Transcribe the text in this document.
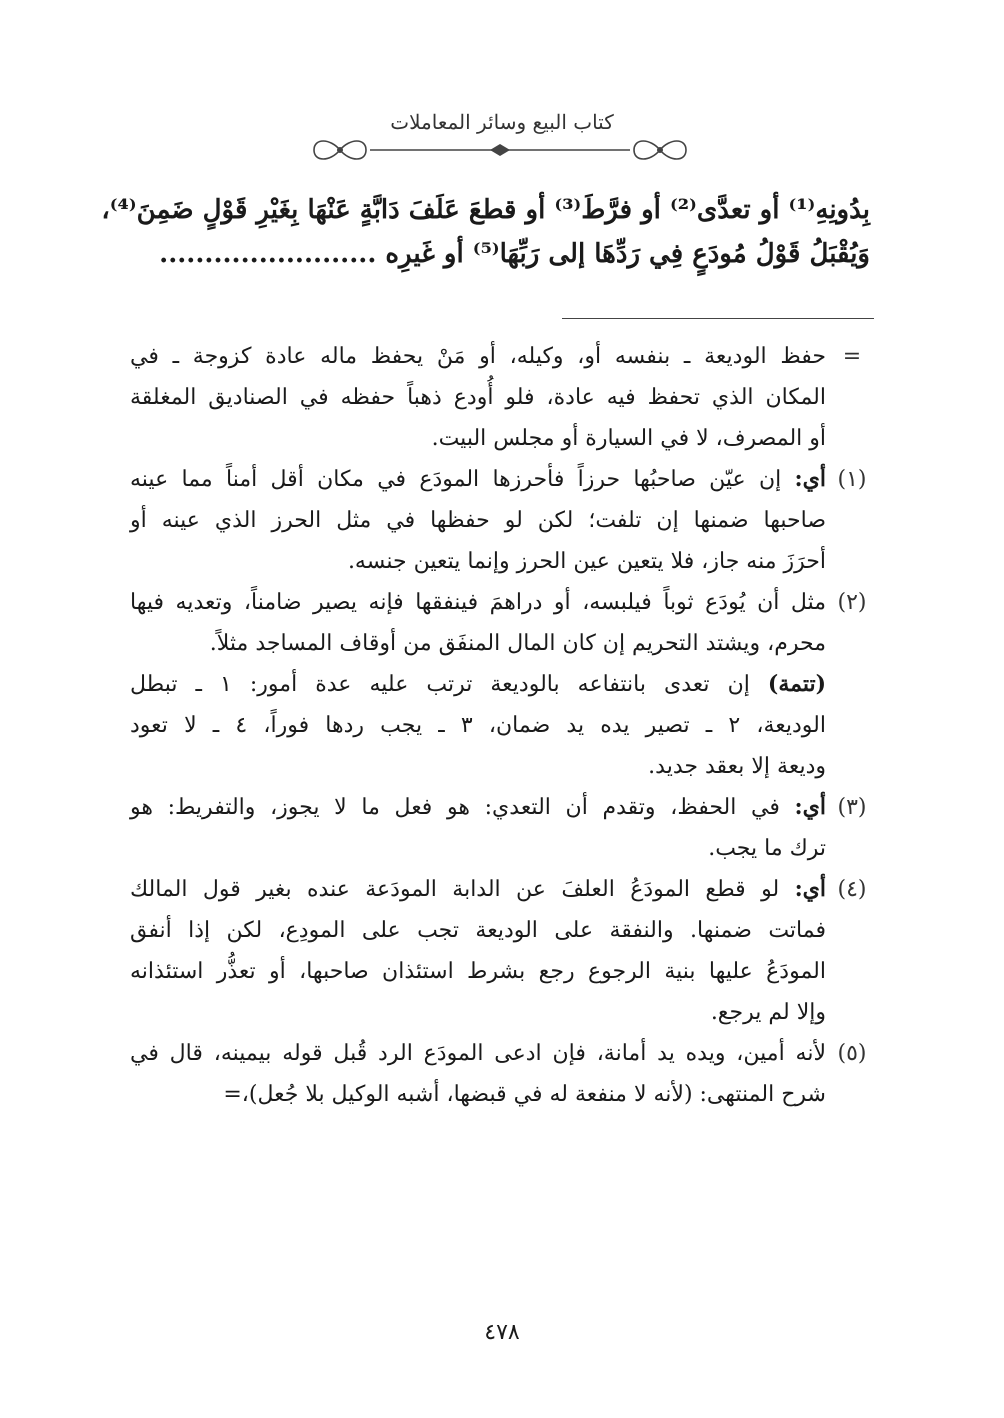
كتاب البيع وسائر المعاملات
بِدُونِهِ⁽¹⁾ أو تعدَّى⁽²⁾ أو فرَّطَ⁽³⁾ أو قطعَ عَلَفَ دَابَّةٍ عَنْهَا بِغَيْرِ قَوْلٍ ضَمِنَ⁽⁴⁾،
وَيُقْبَلُ قَوْلُ مُودَعٍ فِي رَدِّهَا إلى رَبِّهَا⁽⁵⁾ أو غَيرِه ........................
=
حفظ الوديعة ـ بنفسه أو، وكيله، أو مَنْ يحفظ ماله عادة كزوجة ـ في
المكان الذي تحفظ فيه عادة، فلو أُودع ذهباً حفظه في الصناديق المغلقة
أو المصرف، لا في السيارة أو مجلس البيت.
(١)
أي: إن عيّن صاحبُها حرزاً فأحرزها المودَع في مكان أقل أمناً مما عينه
صاحبها ضمنها إن تلفت؛ لكن لو حفظها في مثل الحرز الذي عينه أو
أحرَزَ منه جاز، فلا يتعين عين الحرز وإنما يتعين جنسه.
(٢)
مثل أن يُودَع ثوباً فيلبسه، أو دراهمَ فينفقها فإنه يصير ضامناً، وتعديه فيها
محرم، ويشتد التحريم إن كان المال المنفَق من أوقاف المساجد مثلاً.
(تتمة) إن تعدى بانتفاعه بالوديعة ترتب عليه عدة أمور: ١ ـ تبطل
الوديعة، ٢ ـ تصير يده يد ضمان، ٣ ـ يجب ردها فوراً، ٤ ـ لا تعود
وديعة إلا بعقد جديد.
(٣)
أي: في الحفظ، وتقدم أن التعدي: هو فعل ما لا يجوز، والتفريط: هو
ترك ما يجب.
(٤)
أي: لو قطع المودَعُ العلفَ عن الدابة المودَعة عنده بغير قول المالك
فماتت ضمنها. والنفقة على الوديعة تجب على المودِع، لكن إذا أنفق
المودَعُ عليها بنية الرجوع رجع بشرط استئذان صاحبها، أو تعذُّر استئذانه
وإلا لم يرجع.
(٥)
لأنه أمين، ويده يد أمانة، فإن ادعى المودَع الرد قُبل قوله بيمينه، قال في
شرح المنتهى: (لأنه لا منفعة له في قبضها، أشبه الوكيل بلا جُعل)،=
٤٧٨
